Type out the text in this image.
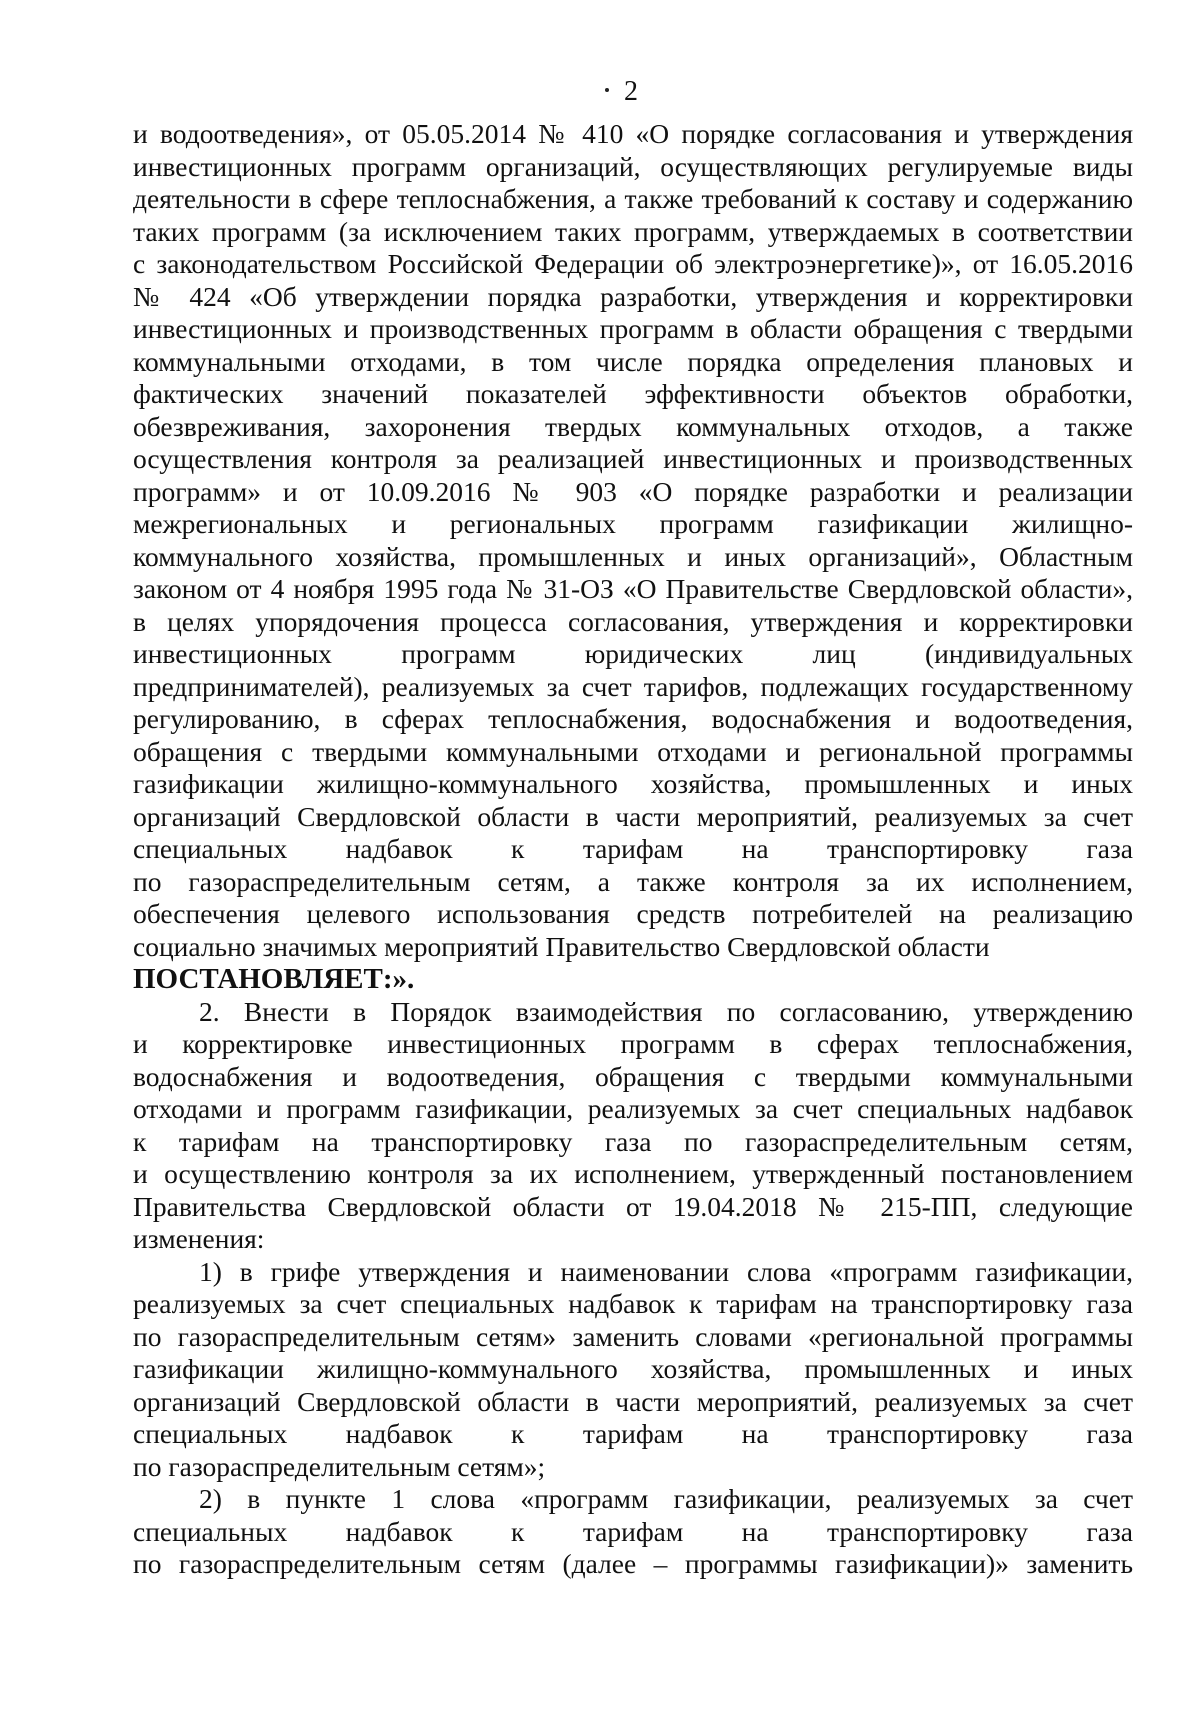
2
и водоотведения», от 05.05.2014 № 410 «О порядке согласования и утверждения
инвестиционных программ организаций, осуществляющих регулируемые виды
деятельности в сфере теплоснабжения, а также требований к составу и содержанию
таких программ (за исключением таких программ, утверждаемых в соответствии
с законодательством Российской Федерации об электроэнергетике)», от 16.05.2016
№ 424 «Об утверждении порядка разработки, утверждения и корректировки
инвестиционных и производственных программ в области обращения с твердыми
коммунальными отходами, в том числе порядка определения плановых и
фактических значений показателей эффективности объектов обработки,
обезвреживания, захоронения твердых коммунальных отходов, а также
осуществления контроля за реализацией инвестиционных и производственных
программ» и от 10.09.2016 № 903 «О порядке разработки и реализации
межрегиональных и региональных программ газификации жилищно-
коммунального хозяйства, промышленных и иных организаций», Областным
законом от 4 ноября 1995 года № 31-ОЗ «О Правительстве Свердловской области»,
в целях упорядочения процесса согласования, утверждения и корректировки
инвестиционных программ юридических лиц (индивидуальных
предпринимателей), реализуемых за счет тарифов, подлежащих государственному
регулированию, в сферах теплоснабжения, водоснабжения и водоотведения,
обращения с твердыми коммунальными отходами и региональной программы
газификации жилищно-коммунального хозяйства, промышленных и иных
организаций Свердловской области в части мероприятий, реализуемых за счет
специальных надбавок к тарифам на транспортировку газа
по газораспределительным сетям, а также контроля за их исполнением,
обеспечения целевого использования средств потребителей на реализацию
социально значимых мероприятий Правительство Свердловской области
ПОСТАНОВЛЯЕТ:».
2. Внести в Порядок взаимодействия по согласованию, утверждению
и корректировке инвестиционных программ в сферах теплоснабжения,
водоснабжения и водоотведения, обращения с твердыми коммунальными
отходами и программ газификации, реализуемых за счет специальных надбавок
к тарифам на транспортировку газа по газораспределительным сетям,
и осуществлению контроля за их исполнением, утвержденный постановлением
Правительства Свердловской области от 19.04.2018 № 215-ПП, следующие
изменения:
1) в грифе утверждения и наименовании слова «программ газификации,
реализуемых за счет специальных надбавок к тарифам на транспортировку газа
по газораспределительным сетям» заменить словами «региональной программы
газификации жилищно-коммунального хозяйства, промышленных и иных
организаций Свердловской области в части мероприятий, реализуемых за счет
специальных надбавок к тарифам на транспортировку газа
по газораспределительным сетям»;
2) в пункте 1 слова «программ газификации, реализуемых за счет
специальных надбавок к тарифам на транспортировку газа
по газораспределительным сетям (далее – программы газификации)» заменить
